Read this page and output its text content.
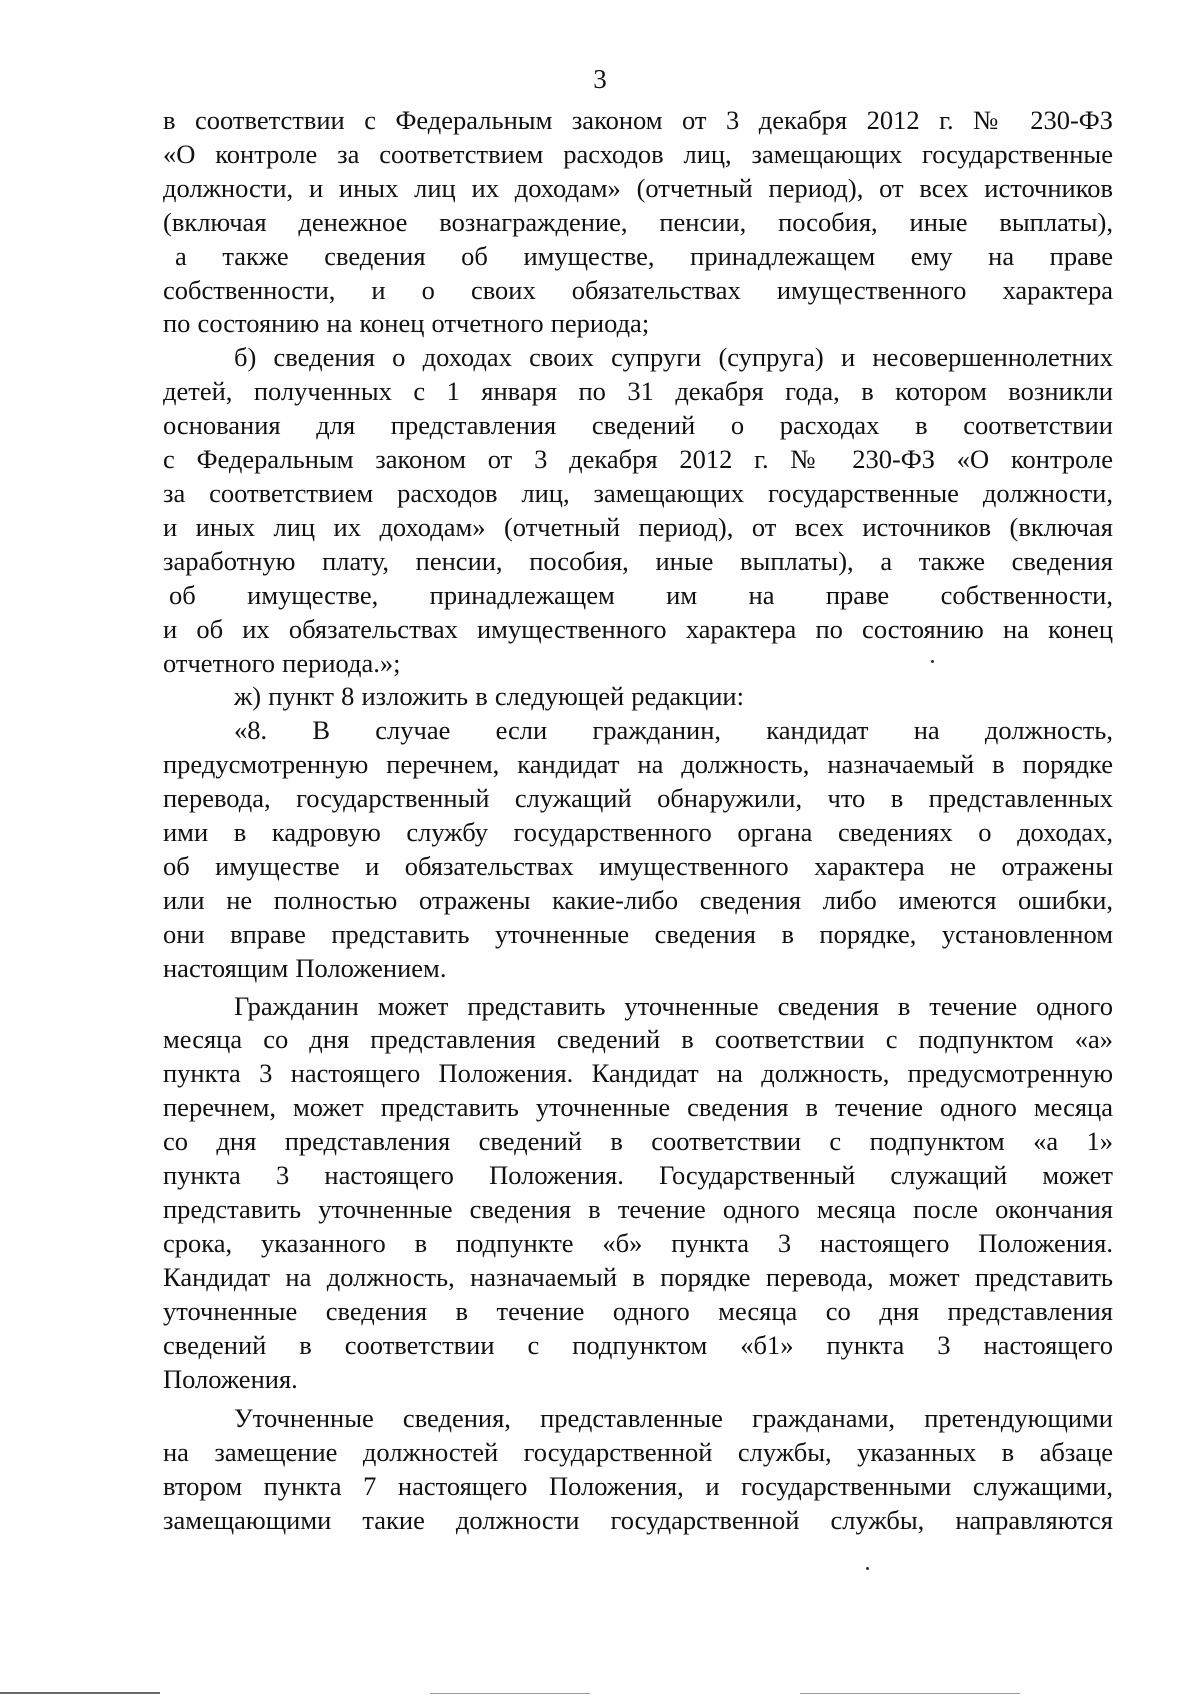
3

в соответствии с Федеральным законом от 3 декабря 2012 г. № 230-ФЗ

«О контроле за соответствием расходов лиц, замещающих государственные

должности, и иных лиц их доходам» (отчетный период), от всех источников

(включая денежное вознаграждение, пенсии, пособия, иные выплаты),

а также сведения об имуществе, принадлежащем ему на праве

собственности, и о своих обязательствах имущественного характера

по состоянию на конец отчетного периода;

б) сведения о доходах своих супруги (супруга) и несовершеннолетних

детей, полученных с 1 января по 31 декабря года, в котором возникли

основания для представления сведений о расходах в соответствии

с Федеральным законом от 3 декабря 2012 г. № 230-ФЗ «О контроле

за соответствием расходов лиц, замещающих государственные должности,

и иных лиц их доходам» (отчетный период), от всех источников (включая

заработную плату, пенсии, пособия, иные выплаты), а также сведения

об имуществе, принадлежащем им на праве собственности,

и об их обязательствах имущественного характера по состоянию на конец

отчетного периода.»;

ж) пункт 8 изложить в следующей редакции:

«8. В случае если гражданин, кандидат на должность,

предусмотренную перечнем, кандидат на должность, назначаемый в порядке

перевода, государственный служащий обнаружили, что в представленных

ими в кадровую службу государственного органа сведениях о доходах,

об имуществе и обязательствах имущественного характера не отражены

или не полностью отражены какие-либо сведения либо имеются ошибки,

они вправе представить уточненные сведения в порядке, установленном

настоящим Положением.

Гражданин может представить уточненные сведения в течение одного

месяца со дня представления сведений в соответствии с подпунктом «а»

пункта 3 настоящего Положения. Кандидат на должность, предусмотренную

перечнем, может представить уточненные сведения в течение одного месяца

со дня представления сведений в соответствии с подпунктом «а 1»

пункта 3 настоящего Положения. Государственный служащий может

представить уточненные сведения в течение одного месяца после окончания

срока, указанного в подпункте «б» пункта 3 настоящего Положения.

Кандидат на должность, назначаемый в порядке перевода, может представить

уточненные сведения в течение одного месяца со дня представления

сведений в соответствии с подпунктом «б1» пункта 3 настоящего

Положения.

Уточненные сведения, представленные гражданами, претендующими

на замещение должностей государственной службы, указанных в абзаце

втором пункта 7 настоящего Положения, и государственными служащими,

замещающими такие должности государственной службы, направляются
